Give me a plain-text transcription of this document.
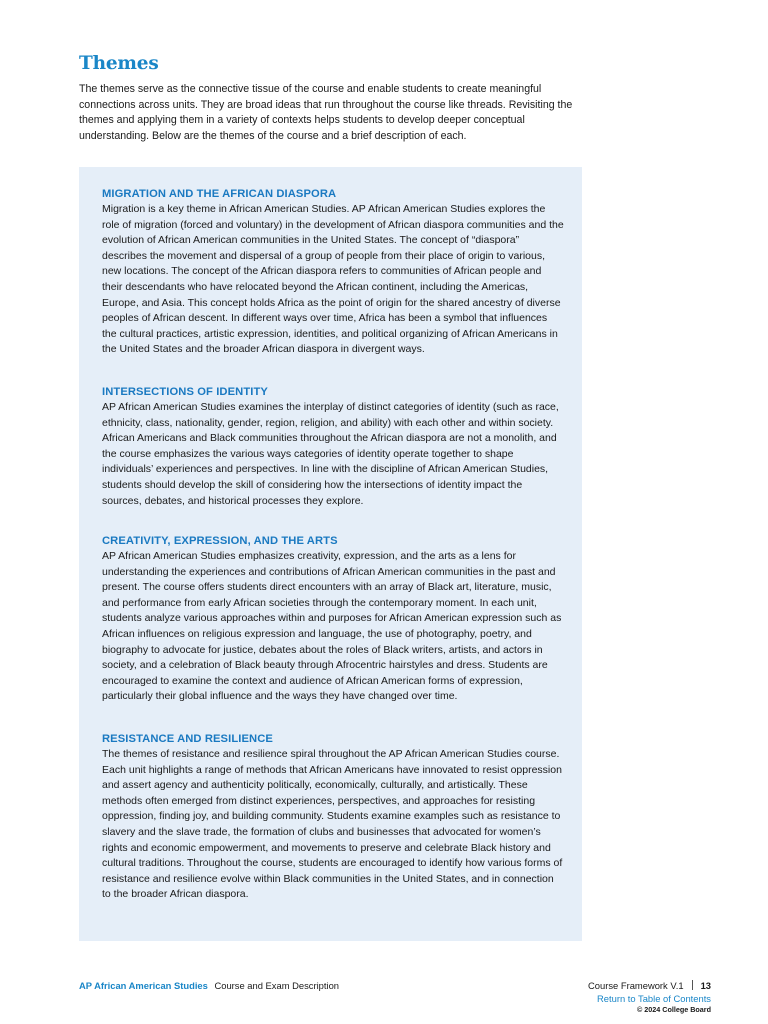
Themes

The themes serve as the connective tissue of the course and enable students to create meaningful connections across units. They are broad ideas that run throughout the course like threads. Revisiting the themes and applying them in a variety of contexts helps students to develop deeper conceptual understanding. Below are the themes of the course and a brief description of each.

MIGRATION AND THE AFRICAN DIASPORA

Migration is a key theme in African American Studies. AP African American Studies explores the role of migration (forced and voluntary) in the development of African diaspora communities and the evolution of African American communities in the United States. The concept of “diaspora” describes the movement and dispersal of a group of people from their place of origin to various, new locations. The concept of the African diaspora refers to communities of African people and their descendants who have relocated beyond the African continent, including the Americas, Europe, and Asia. This concept holds Africa as the point of origin for the shared ancestry of diverse peoples of African descent. In different ways over time, Africa has been a symbol that influences the cultural practices, artistic expression, identities, and political organizing of African Americans in the United States and the broader African diaspora in divergent ways.

INTERSECTIONS OF IDENTITY

AP African American Studies examines the interplay of distinct categories of identity (such as race, ethnicity, class, nationality, gender, region, religion, and ability) with each other and within society. African Americans and Black communities throughout the African diaspora are not a monolith, and the course emphasizes the various ways categories of identity operate together to shape individuals’ experiences and perspectives. In line with the discipline of African American Studies, students should develop the skill of considering how the intersections of identity impact the sources, debates, and historical processes they explore.

CREATIVITY, EXPRESSION, AND THE ARTS

AP African American Studies emphasizes creativity, expression, and the arts as a lens for understanding the experiences and contributions of African American communities in the past and present. The course offers students direct encounters with an array of Black art, literature, music, and performance from early African societies through the contemporary moment. In each unit, students analyze various approaches within and purposes for African American expression such as African influences on religious expression and language, the use of photography, poetry, and biography to advocate for justice, debates about the roles of Black writers, artists, and actors in society, and a celebration of Black beauty through Afrocentric hairstyles and dress. Students are encouraged to examine the context and audience of African American forms of expression, particularly their global influence and the ways they have changed over time.

RESISTANCE AND RESILIENCE

The themes of resistance and resilience spiral throughout the AP African American Studies course. Each unit highlights a range of methods that African Americans have innovated to resist oppression and assert agency and authenticity politically, economically, culturally, and artistically. These methods often emerged from distinct experiences, perspectives, and approaches for resisting oppression, finding joy, and building community. Students examine examples such as resistance to slavery and the slave trade, the formation of clubs and businesses that advocated for women’s rights and economic empowerment, and movements to preserve and celebrate Black history and cultural traditions. Throughout the course, students are encouraged to identify how various forms of resistance and resilience evolve within Black communities in the United States, and in connection to the broader African diaspora.

AP African American Studies Course and Exam Description	Course Framework V.1 13
Return to Table of Contents
© 2024 College Board
